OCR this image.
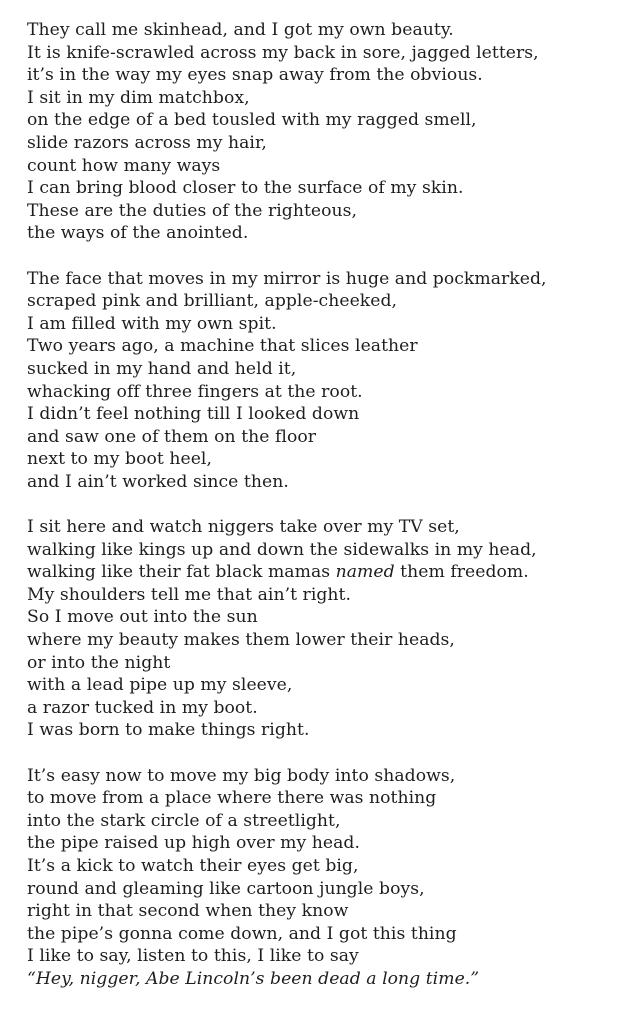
They call me skinhead, and I got my own beauty.
It is knife-scrawled across my back in sore, jagged letters,
it’s in the way my eyes snap away from the obvious.
I sit in my dim matchbox,
on the edge of a bed tousled with my ragged smell,
slide razors across my hair,
count how many ways
I can bring blood closer to the surface of my skin.
These are the duties of the righteous,
the ways of the anointed.
The face that moves in my mirror is huge and pockmarked,
scraped pink and brilliant, apple-cheeked,
I am filled with my own spit.
Two years ago, a machine that slices leather
sucked in my hand and held it,
whacking off three fingers at the root.
I didn’t feel nothing till I looked down
and saw one of them on the floor
next to my boot heel,
and I ain’t worked since then.
I sit here and watch niggers take over my TV set,
walking like kings up and down the sidewalks in my head,
walking like their fat black mamas named them freedom.
My shoulders tell me that ain’t right.
So I move out into the sun
where my beauty makes them lower their heads,
or into the night
with a lead pipe up my sleeve,
a razor tucked in my boot.
I was born to make things right.
It’s easy now to move my big body into shadows,
to move from a place where there was nothing
into the stark circle of a streetlight,
the pipe raised up high over my head.
It’s a kick to watch their eyes get big,
round and gleaming like cartoon jungle boys,
right in that second when they know
the pipe’s gonna come down, and I got this thing
I like to say, listen to this, I like to say
“Hey, nigger, Abe Lincoln’s been dead a long time.”
